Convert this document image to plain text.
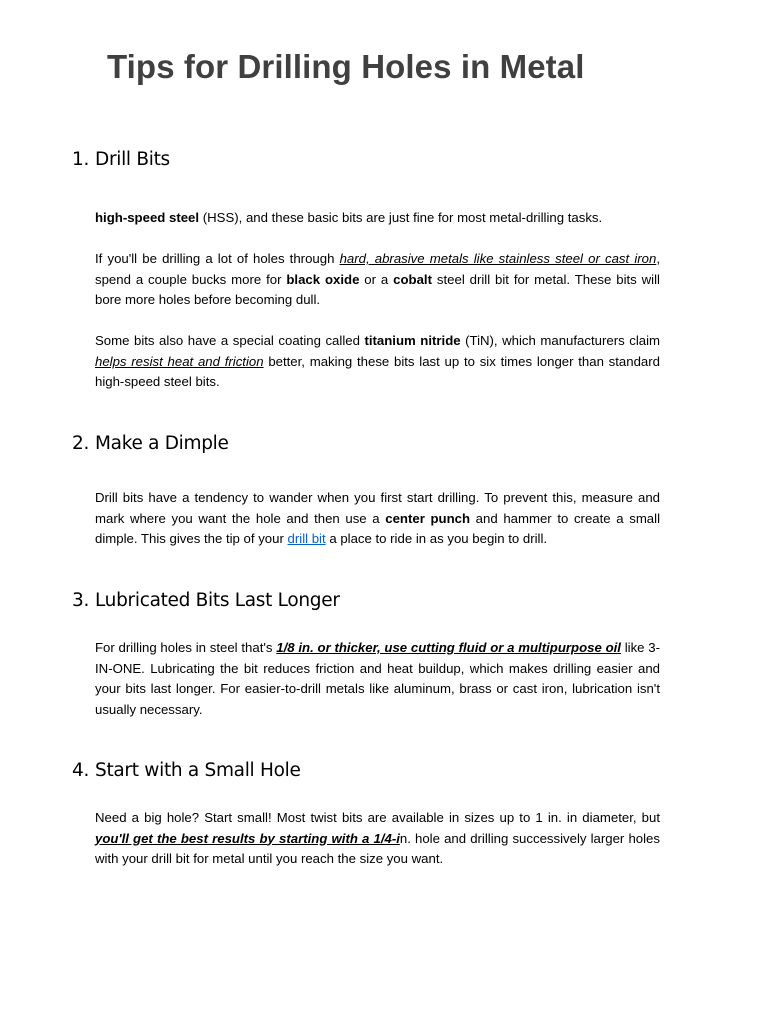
Tips for Drilling Holes in Metal
1. Drill Bits

high-speed steel (HSS), and these basic bits are just fine for most metal-drilling tasks.

If you'll be drilling a lot of holes through hard, abrasive metals like stainless steel or cast iron, spend a couple bucks more for black oxide or a cobalt steel drill bit for metal. These bits will bore more holes before becoming dull.

Some bits also have a special coating called titanium nitride (TiN), which manufacturers claim helps resist heat and friction better, making these bits last up to six times longer than standard high-speed steel bits.

2. Make a Dimple

Drill bits have a tendency to wander when you first start drilling. To prevent this, measure and mark where you want the hole and then use a center punch and hammer to create a small dimple. This gives the tip of your drill bit a place to ride in as you begin to drill.

3. Lubricated Bits Last Longer

For drilling holes in steel that's 1/8 in. or thicker, use cutting fluid or a multipurpose oil like 3-IN-ONE. Lubricating the bit reduces friction and heat buildup, which makes drilling easier and your bits last longer. For easier-to-drill metals like aluminum, brass or cast iron, lubrication isn't usually necessary.

4. Start with a Small Hole

Need a big hole? Start small! Most twist bits are available in sizes up to 1 in. in diameter, but you'll get the best results by starting with a 1/4-in. hole and drilling successively larger holes with your drill bit for metal until you reach the size you want.
